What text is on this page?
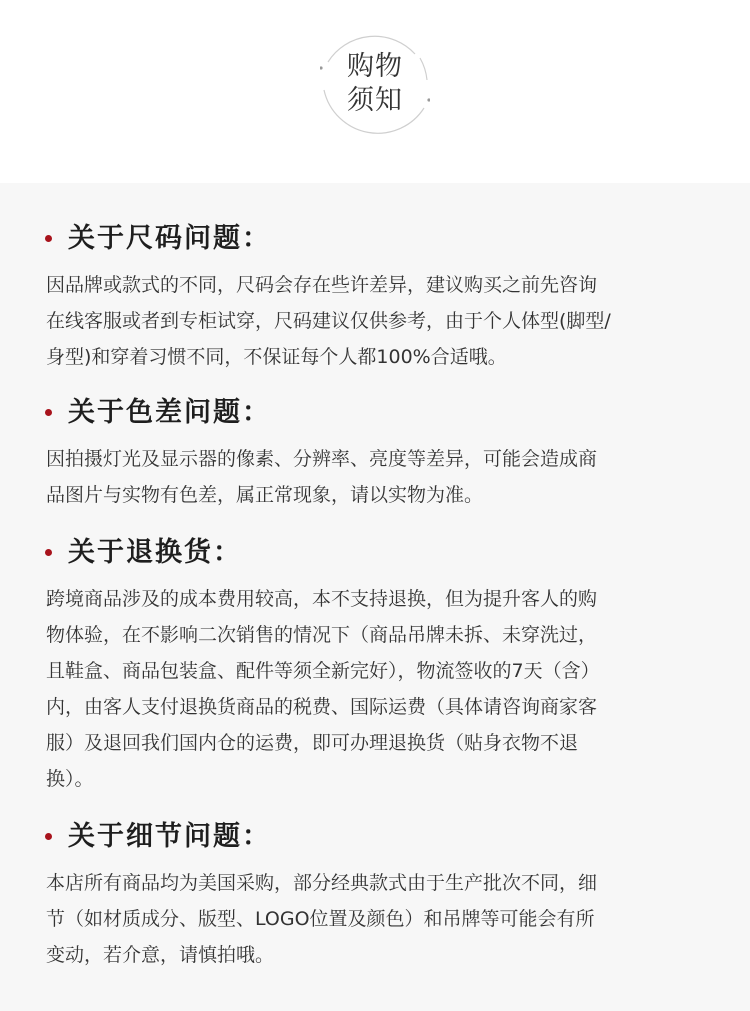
购物
须知
关于尺码问题：
因品牌或款式的不同，尺码会存在些许差异，建议购买之前先咨询
在线客服或者到专柜试穿，尺码建议仅供参考，由于个人体型(脚型/
身型)和穿着习惯不同，不保证每个人都100%合适哦。
关于色差问题：
因拍摄灯光及显示器的像素、分辨率、亮度等差异，可能会造成商
品图片与实物有色差，属正常现象，请以实物为准。
关于退换货：
跨境商品涉及的成本费用较高，本不支持退换，但为提升客人的购
物体验，在不影响二次销售的情况下（商品吊牌未拆、未穿洗过，
且鞋盒、商品包装盒、配件等须全新完好），物流签收的7天（含）
内，由客人支付退换货商品的税费、国际运费（具体请咨询商家客
服）及退回我们国内仓的运费，即可办理退换货（贴身衣物不退
换）。
关于细节问题：
本店所有商品均为美国采购，部分经典款式由于生产批次不同，细
节（如材质成分、版型、LOGO位置及颜色）和吊牌等可能会有所
变动，若介意，请慎拍哦。
